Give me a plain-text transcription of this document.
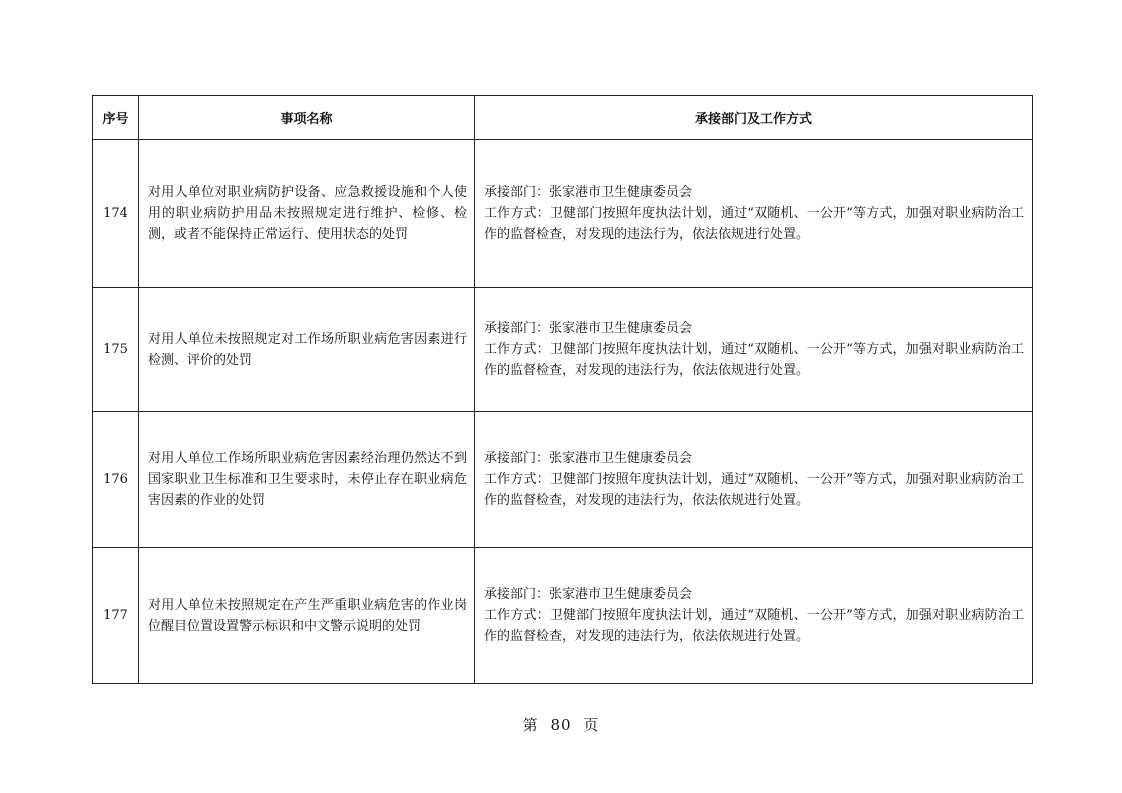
序号	事项名称	承接部门及工作方式
174	对用人单位对职业病防护设备、应急救援设施和个人使用的职业病防护用品未按照规定进行维护、检修、检测，或者不能保持正常运行、使用状态的处罚	承接部门：张家港市卫生健康委员会
工作方式：卫健部门按照年度执法计划，通过“双随机、一公开”等方式，加强对职业病防治工作的监督检查，对发现的违法行为，依法依规进行处置。

175	对用人单位未按照规定对工作场所职业病危害因素进行检测、评价的处罚	承接部门：张家港市卫生健康委员会
工作方式：卫健部门按照年度执法计划，通过“双随机、一公开”等方式，加强对职业病防治工作的监督检查，对发现的违法行为，依法依规进行处置。

176	对用人单位工作场所职业病危害因素经治理仍然达不到国家职业卫生标准和卫生要求时，未停止存在职业病危害因素的作业的处罚	承接部门：张家港市卫生健康委员会
工作方式：卫健部门按照年度执法计划，通过“双随机、一公开”等方式，加强对职业病防治工作的监督检查，对发现的违法行为，依法依规进行处置。

177	对用人单位未按照规定在产生严重职业病危害的作业岗位醒目位置设置警示标识和中文警示说明的处罚	承接部门：张家港市卫生健康委员会
工作方式：卫健部门按照年度执法计划，通过“双随机、一公开”等方式，加强对职业病防治工作的监督检查，对发现的违法行为，依法依规进行处置。
第 80 页
